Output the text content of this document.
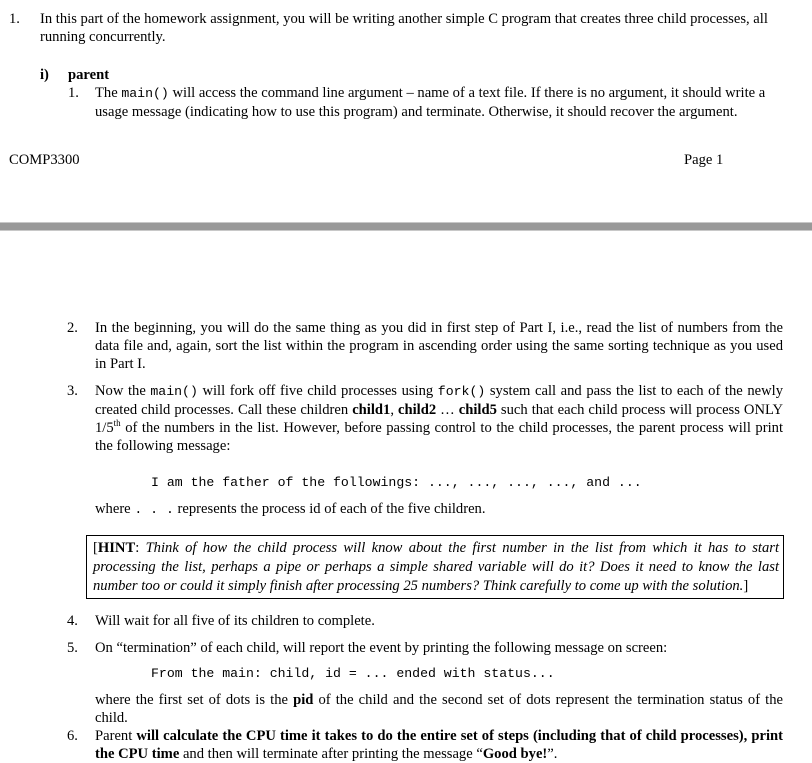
1. In this part of the homework assignment, you will be writing another simple C program that creates three child processes, all running concurrently.
i) parent
1. The main() will access the command line argument – name of a text file. If there is no argument, it should write a usage message (indicating how to use this program) and terminate. Otherwise, it should recover the argument.
COMP3300	Page 1
2. In the beginning, you will do the same thing as you did in first step of Part I, i.e., read the list of numbers from the data file and, again, sort the list within the program in ascending order using the same sorting technique as you used in Part I.
3. Now the main() will fork off five child processes using fork() system call and pass the list to each of the newly created child processes. Call these children child1, child2 … child5 such that each child process will process ONLY 1/5th of the numbers in the list. However, before passing control to the child processes, the parent process will print the following message:
I am the father of the followings: ..., ..., ..., ..., and ...
where . . . represents the process id of each of the five children.
[HINT: Think of how the child process will know about the first number in the list from which it has to start processing the list, perhaps a pipe or perhaps a simple shared variable will do it? Does it need to know the last number too or could it simply finish after processing 25 numbers? Think carefully to come up with the solution.]
4. Will wait for all five of its children to complete.
5. On “termination” of each child, will report the event by printing the following message on screen:
From the main: child, id = ... ended with status...
where the first set of dots is the pid of the child and the second set of dots represent the termination status of the child.
6. Parent will calculate the CPU time it takes to do the entire set of steps (including that of child processes), print the CPU time and then will terminate after printing the message “Good bye!”.
